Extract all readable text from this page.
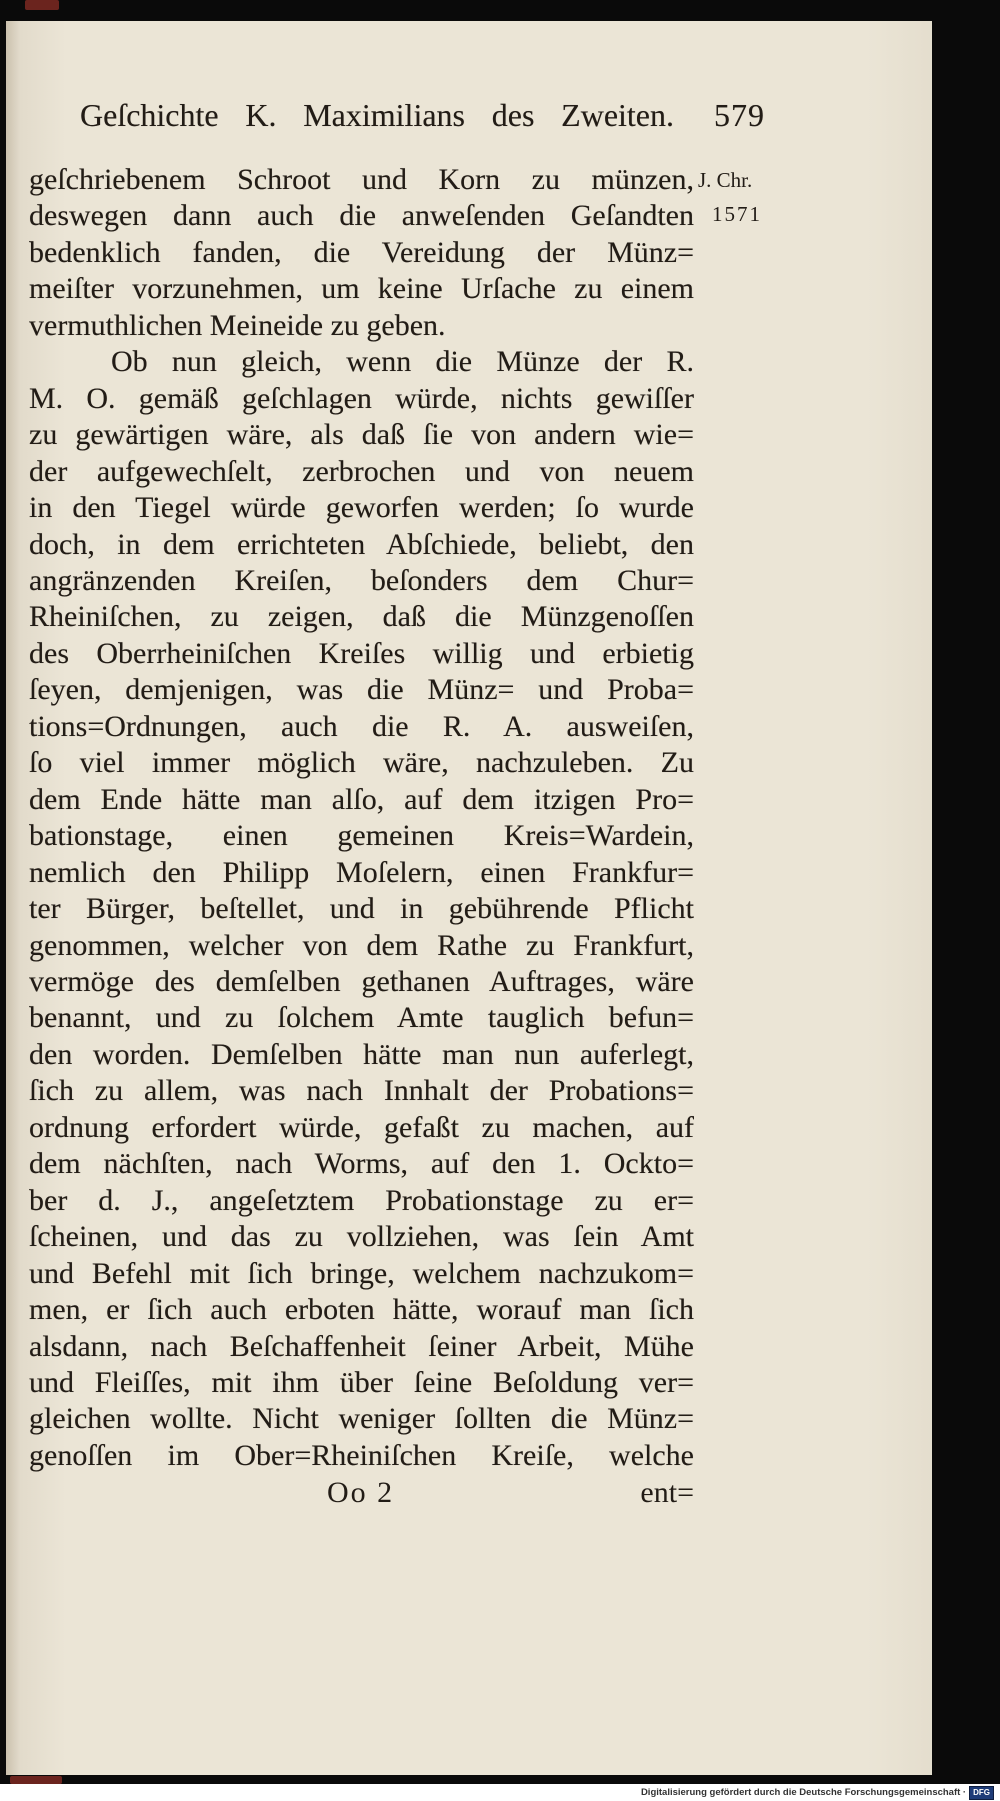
Geſchichte K. Maximilians des Zweiten. 579
J. Chr.
1571
geſchriebenem Schroot und Korn zu münzen,
deswegen dann auch die anweſenden Geſandten
bedenklich fanden, die Vereidung der Münz=
meiſter vorzunehmen, um keine Urſache zu einem
vermuthlichen Meineide zu geben.
Ob nun gleich, wenn die Münze der R.
M. O. gemäß geſchlagen würde, nichts gewiſſer
zu gewärtigen wäre, als daß ſie von andern wie=
der aufgewechſelt, zerbrochen und von neuem
in den Tiegel würde geworfen werden; ſo wurde
doch, in dem errichteten Abſchiede, beliebt, den
angränzenden Kreiſen, beſonders dem Chur=
Rheiniſchen, zu zeigen, daß die Münzgenoſſen
des Oberrheiniſchen Kreiſes willig und erbietig
ſeyen, demjenigen, was die Münz= und Proba=
tions=Ordnungen, auch die R. A. ausweiſen,
ſo viel immer möglich wäre, nachzuleben. Zu
dem Ende hätte man alſo, auf dem itzigen Pro=
bationstage, einen gemeinen Kreis=Wardein,
nemlich den Philipp Moſelern, einen Frankfur=
ter Bürger, beſtellet, und in gebührende Pflicht
genommen, welcher von dem Rathe zu Frankfurt,
vermöge des demſelben gethanen Auftrages, wäre
benannt, und zu ſolchem Amte tauglich befun=
den worden. Demſelben hätte man nun auferlegt,
ſich zu allem, was nach Innhalt der Probations=
ordnung erfordert würde, gefaßt zu machen, auf
dem nächſten, nach Worms, auf den 1. Ockto=
ber d. J., angeſetztem Probationstage zu er=
ſcheinen, und das zu vollziehen, was ſein Amt
und Befehl mit ſich bringe, welchem nachzukom=
men, er ſich auch erboten hätte, worauf man ſich
alsdann, nach Beſchaffenheit ſeiner Arbeit, Mühe
und Fleiſſes, mit ihm über ſeine Beſoldung ver=
gleichen wollte. Nicht weniger ſollten die Münz=
genoſſen im Ober=Rheiniſchen Kreiſe, welche
Oo 2	ent=
Digitalisierung gefördert durch die Deutsche Forschungsgemeinschaft · DFG
